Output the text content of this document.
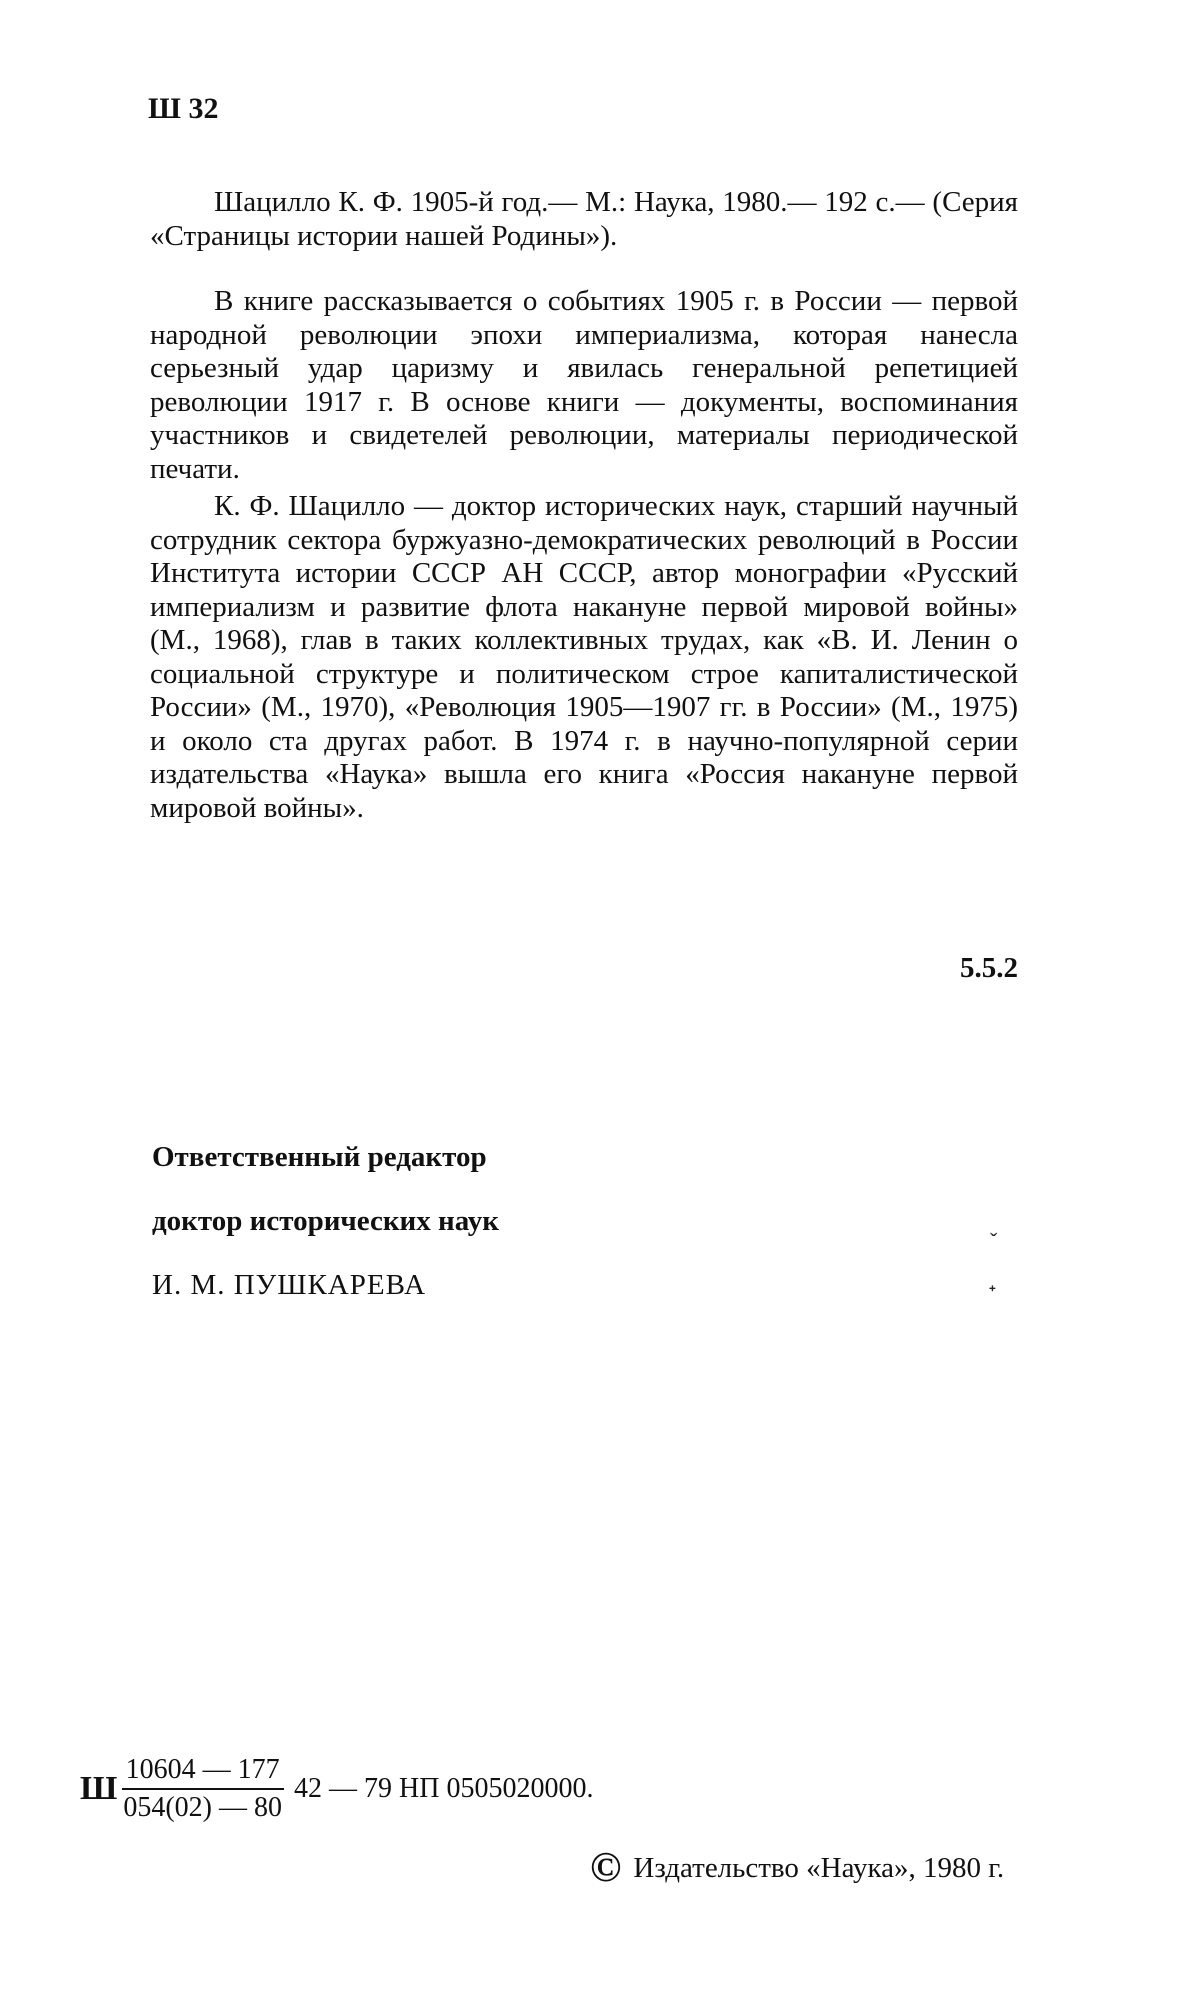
Ш 32

Шацилло К. Ф. 1905-й год.— М.: Наука, 1980.— 192 с.— (Серия «Страницы истории нашей Родины»).

В книге рассказывается о событиях 1905 г. в России — первой народной революции эпохи империализма, которая нанесла серьезный удар царизму и явилась генеральной репетицией революции 1917 г. В основе книги — документы, воспоминания участников и свидетелей революции, материалы периодической печати.

К. Ф. Шацилло — доктор исторических наук, старший научный сотрудник сектора буржуазно-демократических революций в России Института истории СССР АН СССР, автор монографии «Русский империализм и развитие флота накануне первой мировой войны» (М., 1968), глав в таких коллективных трудах, как «В. И. Ленин о социальной структуре и политическом строе капиталистической России» (М., 1970), «Революция 1905—1907 гг. в России» (М., 1975) и около ста другах работ. В 1974 г. в научно-популярной серии издательства «Наука» вышла его книга «Россия накануне первой мировой войны».

5.5.2
Ответственный редактор
доктор исторических наук
И. М. ПУШКАРЕВА
ˇ
ᐩ
Ш $\frac{10604 — 177}{054(02) — 80} 42$ — 79 НП 0505020000.
© Издательство «Наука», 1980 г.
